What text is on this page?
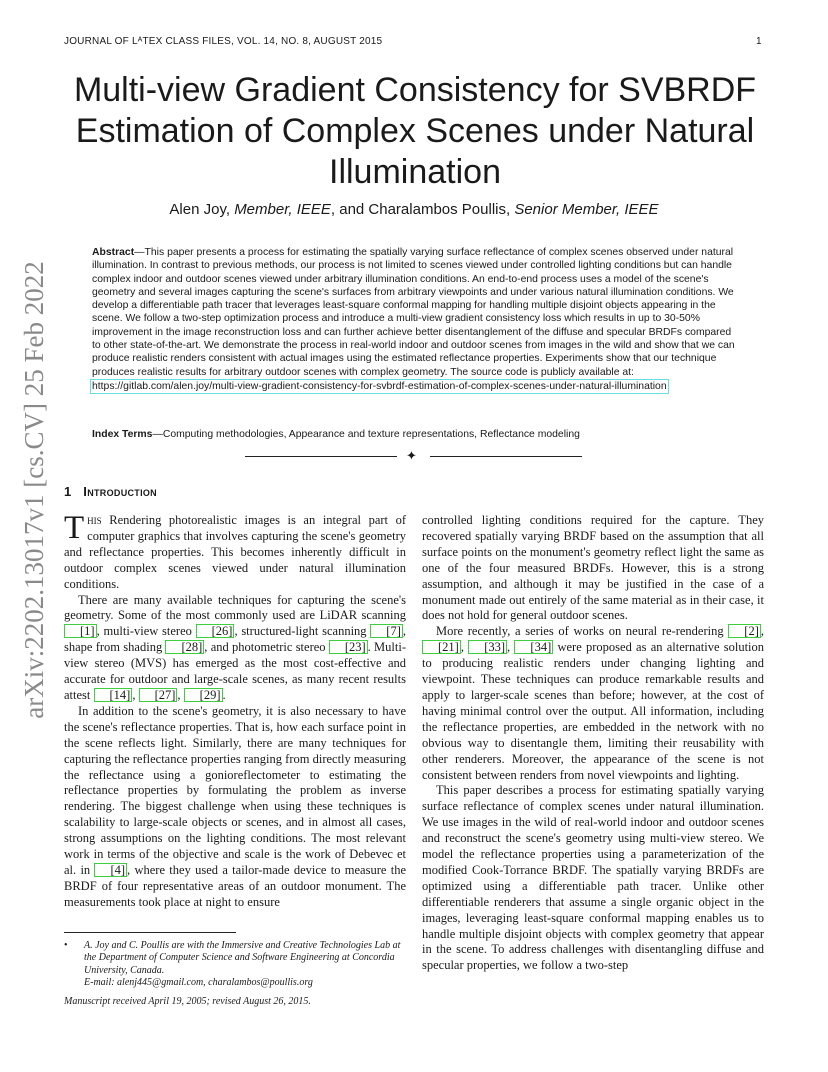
JOURNAL OF LᴬTEX CLASS FILES, VOL. 14, NO. 8, AUGUST 2015	1
arXiv:2202.13017v1 [cs.CV] 25 Feb 2022
Multi-view Gradient Consistency for SVBRDF Estimation of Complex Scenes under Natural Illumination
Alen Joy, Member, IEEE, and Charalambos Poullis, Senior Member, IEEE
Abstract—This paper presents a process for estimating the spatially varying surface reflectance of complex scenes observed under natural illumination. In contrast to previous methods, our process is not limited to scenes viewed under controlled lighting conditions but can handle complex indoor and outdoor scenes viewed under arbitrary illumination conditions. An end-to-end process uses a model of the scene's geometry and several images capturing the scene's surfaces from arbitrary viewpoints and under various natural illumination conditions. We develop a differentiable path tracer that leverages least-square conformal mapping for handling multiple disjoint objects appearing in the scene. We follow a two-step optimization process and introduce a multi-view gradient consistency loss which results in up to 30-50% improvement in the image reconstruction loss and can further achieve better disentanglement of the diffuse and specular BRDFs compared to other state-of-the-art. We demonstrate the process in real-world indoor and outdoor scenes from images in the wild and show that we can produce realistic renders consistent with actual images using the estimated reflectance properties. Experiments show that our technique produces realistic results for arbitrary outdoor scenes with complex geometry. The source code is publicly available at:
https://gitlab.com/alen.joy/multi-view-gradient-consistency-for-svbrdf-estimation-of-complex-scenes-under-natural-illumination
Index Terms—Computing methodologies, Appearance and texture representations, Reflectance modeling
✦
1 Introduction

This Rendering photorealistic images is an integral part of computer graphics that involves capturing the scene's geometry and reflectance properties. This becomes inherently difficult in outdoor complex scenes viewed under natural illumination conditions.

There are many available techniques for capturing the scene's geometry. Some of the most commonly used are LiDAR scanning [1] , multi-view stereo [26] , structured-light scanning [7] , shape from shading [28] , and photometric stereo [23] . Multi-view stereo (MVS) has emerged as the most cost-effective and accurate for outdoor and large-scale scenes, as many recent results attest [14] , [27] , [29] .

In addition to the scene's geometry, it is also necessary to have the scene's reflectance properties. That is, how each surface point in the scene reflects light. Similarly, there are many techniques for capturing the reflectance properties ranging from directly measuring the reflectance using a gonioreflectometer to estimating the reflectance properties by formulating the problem as inverse rendering. The biggest challenge when using these techniques is scalability to large-scale objects or scenes, and in almost all cases, strong assumptions on the lighting conditions. The most relevant work in terms of the objective and scale is the work of Debevec et al. in [4] , where they used a tailor-made device to measure the BRDF of four representative areas of an outdoor monument. The measurements took place at night to ensure

controlled lighting conditions required for the capture. They recovered spatially varying BRDF based on the assumption that all surface points on the monument's geometry reflect light the same as one of the four measured BRDFs. However, this is a strong assumption, and although it may be justified in the case of a monument made out entirely of the same material as in their case, it does not hold for general outdoor scenes.

More recently, a series of works on neural re-rendering [2] , [21] , [33] , [34] were proposed as an alternative solution to producing realistic renders under changing lighting and viewpoint. These techniques can produce remarkable results and apply to larger-scale scenes than before; however, at the cost of having minimal control over the output. All information, including the reflectance properties, are embedded in the network with no obvious way to disentangle them, limiting their reusability with other renderers. Moreover, the appearance of the scene is not consistent between renders from novel viewpoints and lighting.

This paper describes a process for estimating spatially varying surface reflectance of complex scenes under natural illumination. We use images in the wild of real-world indoor and outdoor scenes and reconstruct the scene's geometry using multi-view stereo. We model the reflectance properties using a parameterization of the modified Cook-Torrance BRDF. The spatially varying BRDFs are optimized using a differentiable path tracer. Unlike other differentiable renderers that assume a single organic object in the images, leveraging least-square conformal mapping enables us to handle multiple disjoint objects with complex geometry that appear in the scene. To address challenges with disentangling diffuse and specular properties, we follow a two-step

• A. Joy and C. Poullis are with the Immersive and Creative Technologies Lab at the Department of Computer Science and Software Engineering at Concordia University, Canada.
E-mail: alenj445@gmail.com, charalambos@poullis.org
Manuscript received April 19, 2005; revised August 26, 2015.
